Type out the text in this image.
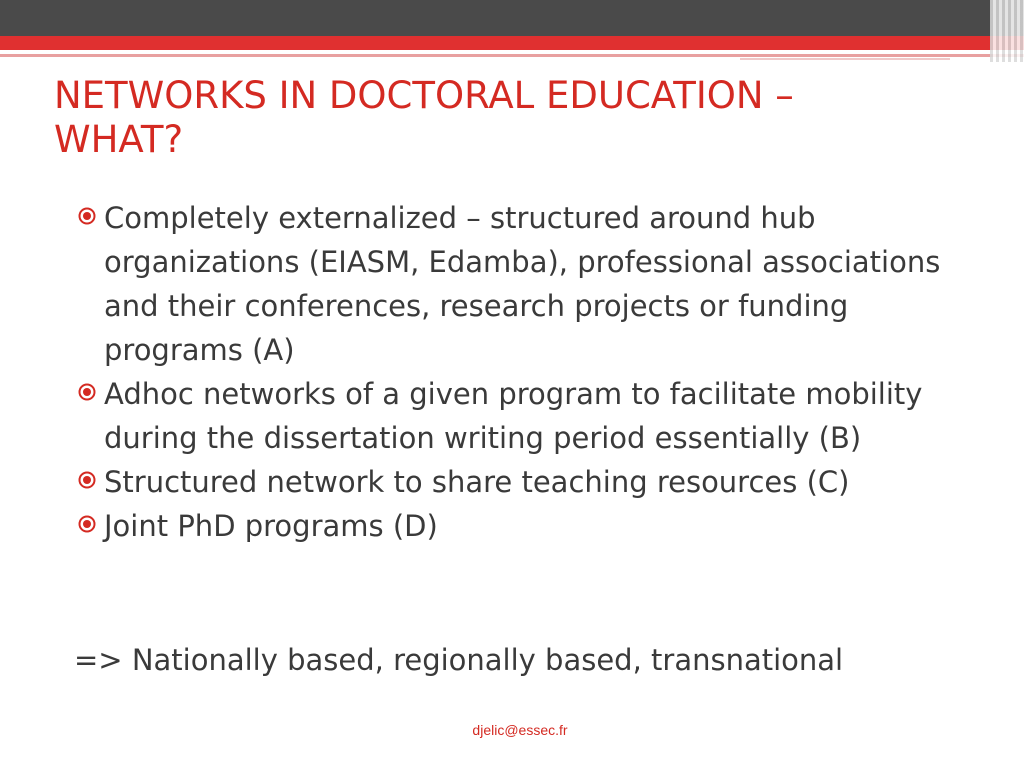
NETWORKS IN DOCTORAL EDUCATION – WHAT?
Completely externalized – structured around hub organizations (EIASM, Edamba), professional associations and their conferences, research projects or funding programs (A)
Adhoc networks of a given program to facilitate mobility during the dissertation writing period essentially (B)
Structured network to share teaching resources (C)
Joint PhD programs (D)

=> Nationally based, regionally based, transnational

djelic@essec.fr
